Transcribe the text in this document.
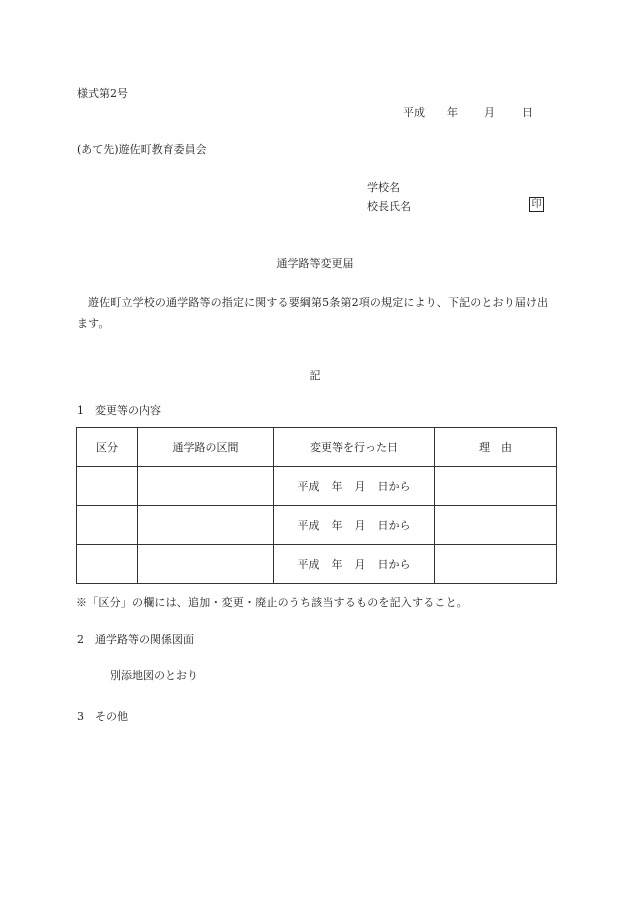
様式第2号
平成 年 月 日
(あて先)遊佐町教育委員会
学校名
校長氏名	印
通学路等変更届
遊佐町立学校の通学路等の指定に関する要綱第5条第2項の規定により、下記のとおり届け出ます。
記
1　変更等の内容
区分	通学路の区間	変更等を行った日	理　由
		平成 年 月 日から	
		平成 年 月 日から	
		平成 年 月 日から	
※「区分」の欄には、追加・変更・廃止のうち該当するものを記入すること。
2　通学路等の関係図面
別添地図のとおり
3　その他
